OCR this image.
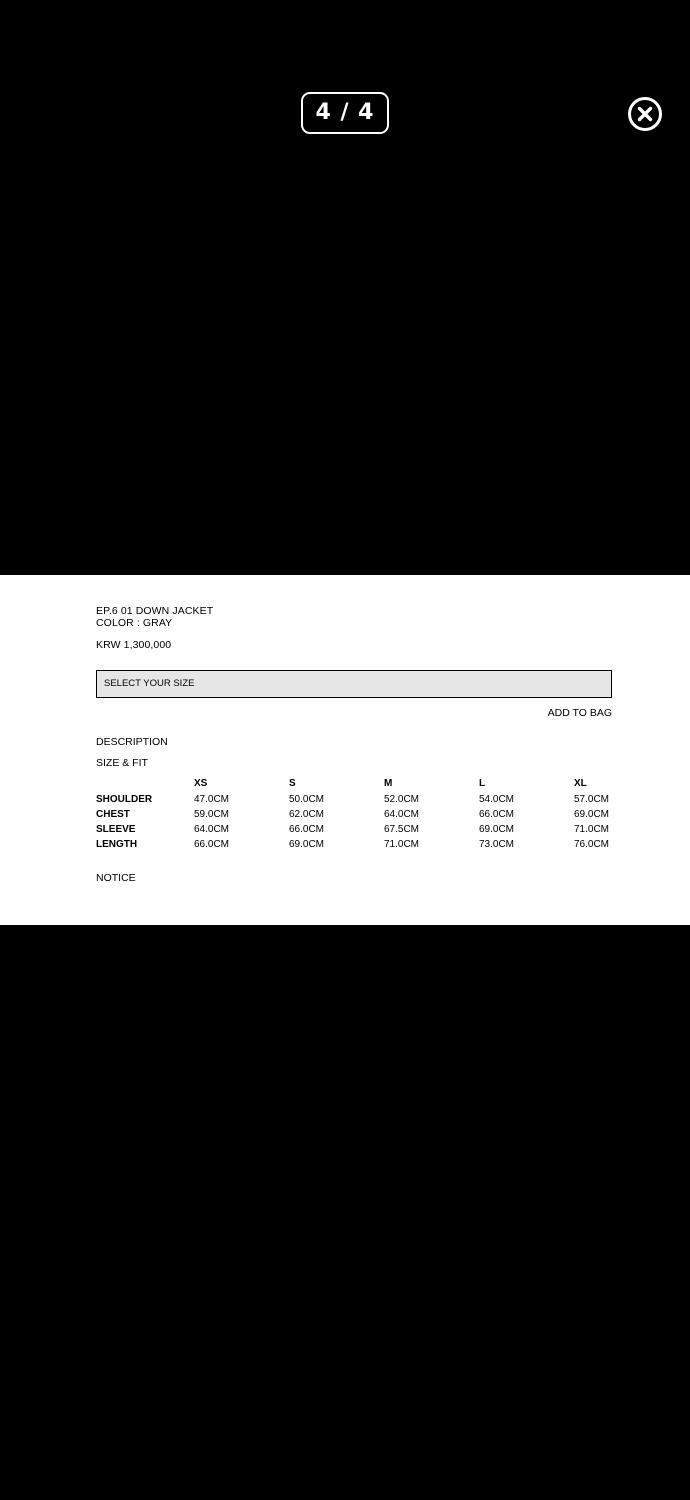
4 / 4
EP.6 01 DOWN JACKET
COLOR : GRAY
KRW 1,300,000
SELECT YOUR SIZE
ADD TO BAG
DESCRIPTION
SIZE & FIT
XS	S	M	L	XL
SHOULDER	47.0CM	50.0CM	52.0CM	54.0CM	57.0CM
CHEST	59.0CM	62.0CM	64.0CM	66.0CM	69.0CM
SLEEVE	64.0CM	66.0CM	67.5CM	69.0CM	71.0CM
LENGTH	66.0CM	69.0CM	71.0CM	73.0CM	76.0CM
NOTICE
